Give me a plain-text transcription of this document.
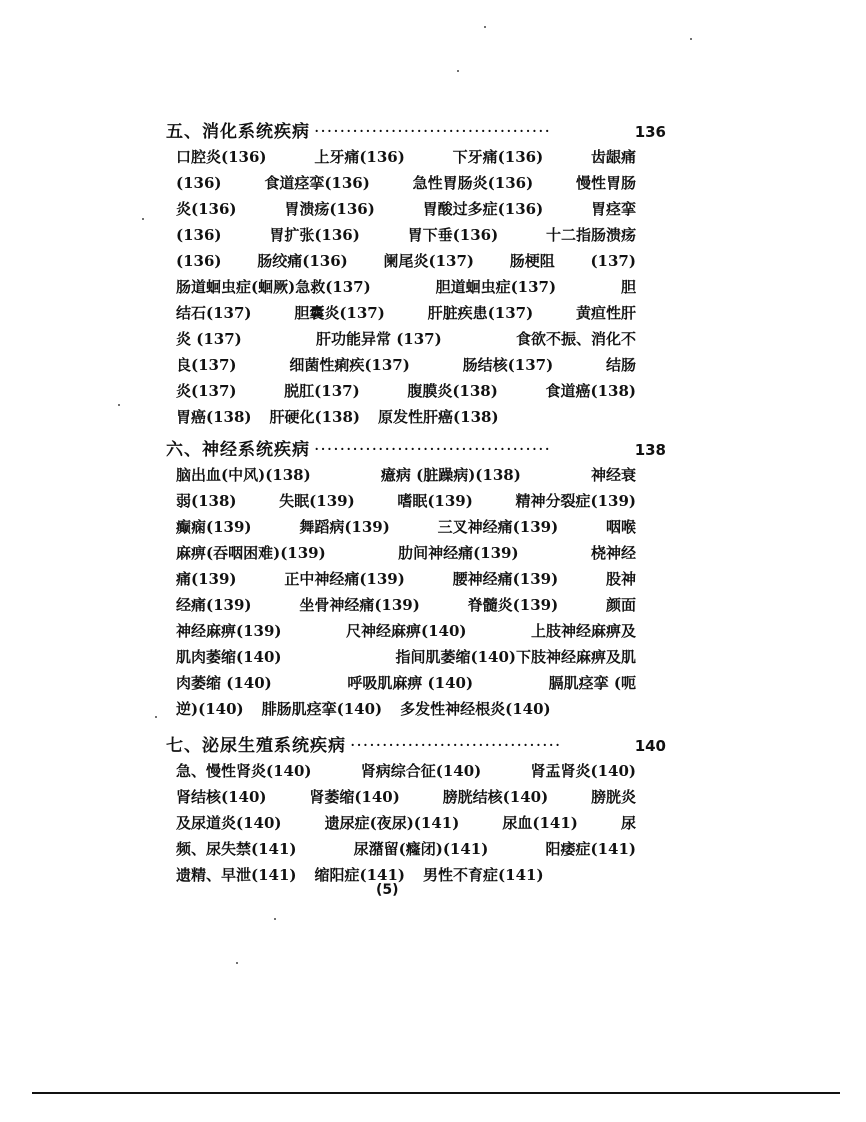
五、消化系统疾病 ·····································	136
口腔炎(136)	上牙痛(136)	下牙痛(136)	齿龈痛
(136)	食道痉挛(136)	急性胃肠炎(136)	慢性胃肠
炎(136)	胃溃疡(136)	胃酸过多症(136)	胃痉挛
(136)	胃扩张(136)	胃下垂(136)	十二指肠溃疡
(136) 肠绞痛(136) 阑尾炎(137) 肠梗阻 (137)
肠道蛔虫症(蛔厥)急救(137)	胆道蛔虫症(137)	胆
结石(137)	胆囊炎(137)	肝脏疾患(137)	黄疸性肝
炎 (137)	肝功能异常 (137)	食欲不振、消化不
良(137)	细菌性痢疾(137)	肠结核(137)	结肠
炎(137)	脱肛(137)	腹膜炎(138)	食道癌(138)
胃癌(138) 肝硬化(138) 原发性肝癌(138)
六、神经系统疾病 ·····································	138
脑出血(中风)(138)	癔病 (脏躁病)(138)	神经衰
弱(138)	失眠(139)	嗜眠(139)	精神分裂症(139)
癫痫(139)	舞蹈病(139)	三叉神经痛(139)	咽喉
麻痹(吞咽困难)(139)	肋间神经痛(139)	桡神经
痛(139)	正中神经痛(139)	腰神经痛(139)	股神
经痛(139)	坐骨神经痛(139)	脊髓炎(139)	颜面
神经麻痹(139)	尺神经麻痹(140)	上肢神经麻痹及
肌肉萎缩(140)	指间肌萎缩(140)下肢神经麻痹及肌
肉萎缩 (140)	呼吸肌麻痹 (140)	膈肌痉挛 (呃
逆)(140) 腓肠肌痉挛(140) 多发性神经根炎(140)
七、泌尿生殖系统疾病 ·································	140
急、慢性肾炎(140)	肾病综合征(140)	肾盂肾炎(140)
肾结核(140)	肾萎缩(140)	膀胱结核(140)	膀胱炎
及尿道炎(140)	遗尿症(夜尿)(141)	尿血(141)	尿
频、尿失禁(141)	尿潴留(癃闭)(141)	阳痿症(141)
遗精、早泄(141) 缩阳症(141) 男性不育症(141)
(5)
